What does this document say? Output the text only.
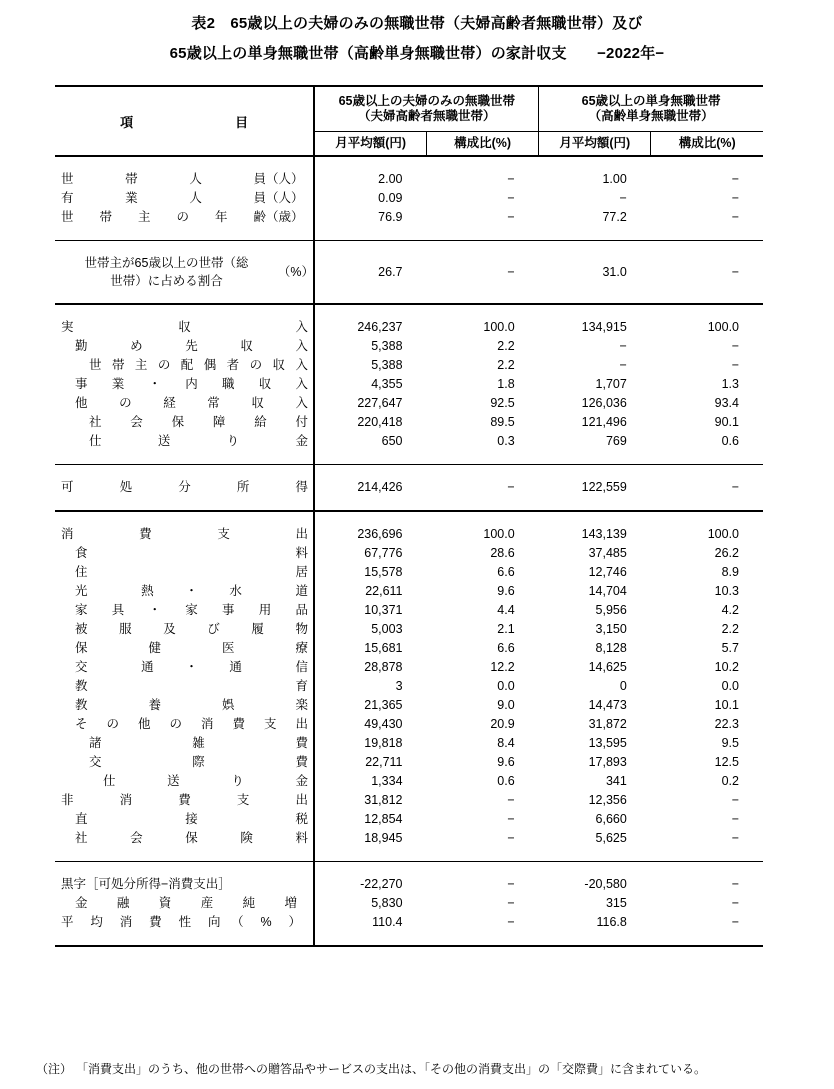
表2　65歳以上の夫婦のみの無職世帯（夫婦高齢者無職世帯）及び
65歳以上の単身無職世帯（高齢単身無職世帯）の家計収支　　−2022年−
項　　　目	
65歳以上の夫婦のみの無職世帯
（夫婦高齢者無職世帯）

65歳以上の単身無職世帯
（高齢単身無職世帯）

	月平均額(円)	構成比(%)	月平均額(円)	構成比(%)

世　帯　人　員（人）	2.00	−	1.00	−
有　業　人　員（人）	0.09	−	−	−
世　帯　主　の　年　齢（歳）	76.9	−	77.2	−

世帯主が65歳以上の世帯（総
世帯）に占める割合
（%）	26.7	−	31.0	−

実　　　　収　　　　入	246,237	100.0	134,915	100.0
勤　め　先　収　入	5,388	2.2	−	−
世帯主の配偶者の収入	5,388	2.2	−	−
事　業　・　内　職　収　入	4,355	1.8	1,707	1.3
他　の　経　常　収　入	227,647	92.5	126,036	93.4
社　会　保　障　給　付	220,418	89.5	121,496	90.1
仕　　送　　り　　金	650	0.3	769	0.6

可　処　分　所　得	214,426	−	122,559	−

消　　費　　支　　出	236,696	100.0	143,139	100.0
食　　　　　　　　料	67,776	28.6	37,485	26.2
住　　　　　　　　居	15,578	6.6	12,746	8.9
光　　熱　・　水　　道	22,611	9.6	14,704	10.3
家　具　・　家　事　用　品	10,371	4.4	5,956	4.2
被　服　及　び　履　物	5,003	2.1	3,150	2.2
保　　健　　医　　療	15,681	6.6	8,128	5.7
交　　通　・　通　　信	28,878	12.2	14,625	10.2
教　　　　　　　　育	3	0.0	0	0.0
教　　養　　娯　　楽	21,365	9.0	14,473	10.1
そ　の　他　の　消　費　支　出	49,430	20.9	31,872	22.3
諸　　　雑　　　費	19,818	8.4	13,595	9.5
交　　　際　　　費	22,711	9.6	17,893	12.5
仕　　送　　り　　金	1,334	0.6	341	0.2
非　消　費　支　出	31,812	−	12,356	−
直　　　接　　　税	12,854	−	6,660	−
社　会　保　険　料	18,945	−	5,625	−

黒字［可処分所得−消費支出］	-22,270	−	-20,580	−
金　融　資　産　純　増	5,830	−	315	−
平　均　消　費　性　向　（　%　）	110.4	−	116.8	−

（注） 「消費支出」のうち、他の世帯への贈答品やサービスの支出は、「その他の消費支出」の「交際費」に含まれている。
